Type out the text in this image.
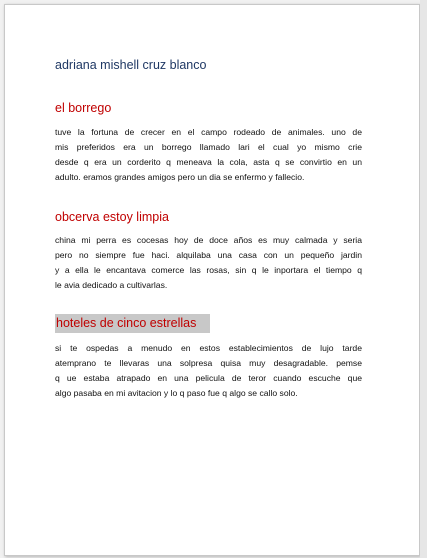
adriana mishell cruz blanco
el borrego
tuve la fortuna de crecer en el campo rodeado de animales. uno de
mis preferidos era un borrego llamado lari el cual yo mismo crie
desde q era un corderito q meneava la cola, asta q se convirtio en un
adulto. eramos grandes amigos pero un dia se enfermo y fallecio.
obcerva estoy limpia
china mi perra es cocesas hoy de doce años es muy calmada y seria
pero no siempre fue haci. alquilaba una casa con un pequeño jardin
y a ella le encantava comerce las rosas, sin q le inportara el tiempo q
le avia dedicado a cultivarlas.
hoteles de cinco estrellas
si te ospedas a menudo en estos establecimientos de lujo tarde
atemprano te llevaras una solpresa quisa muy desagradable. pemse
q ue estaba atrapado en una pelicula de teror cuando escuche que
algo pasaba en mi avitacion y lo q paso fue q algo se callo solo.
